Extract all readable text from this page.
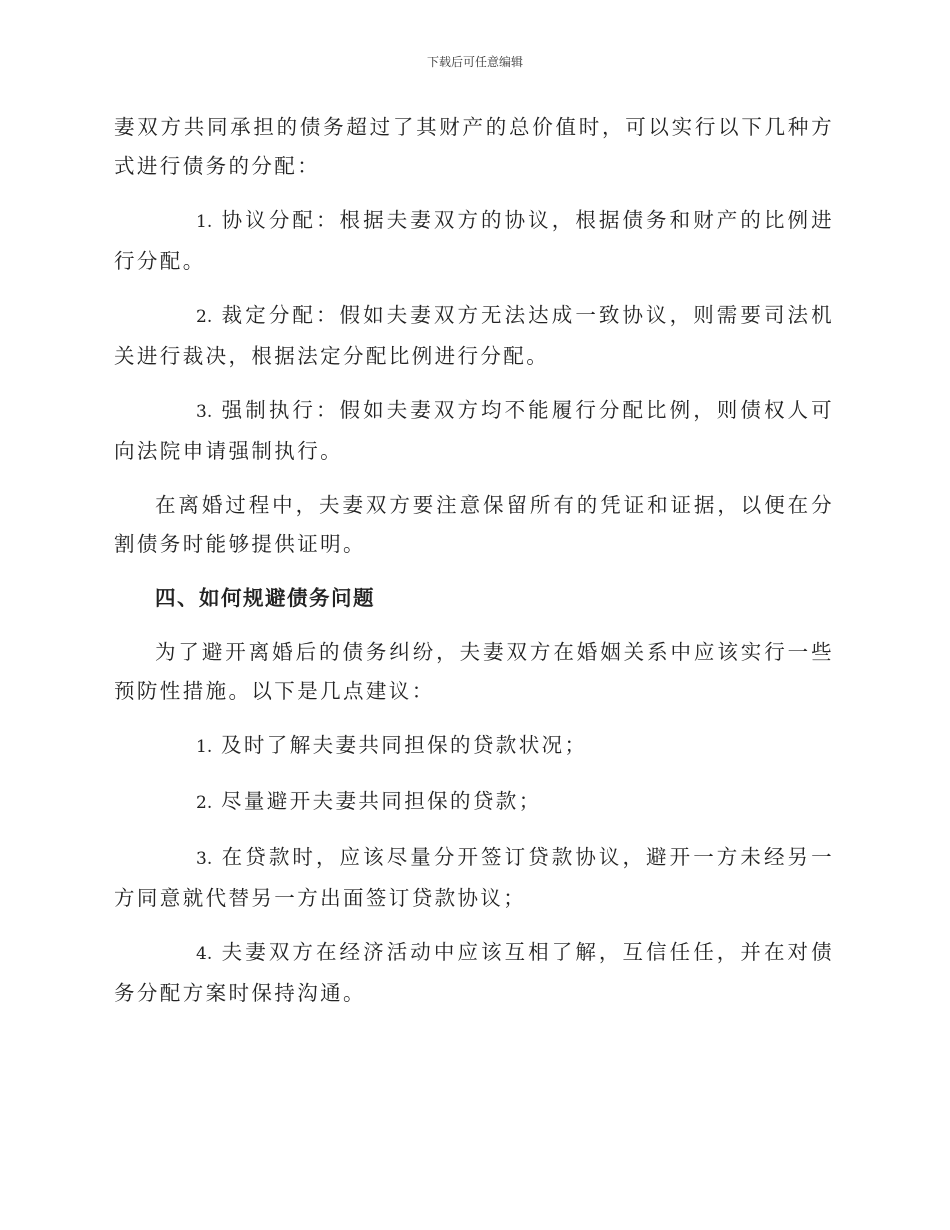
下载后可任意编辑

妻双方共同承担的债务超过了其财产的总价值时，可以实行以下几种方式进行债务的分配：

1. 协议分配：根据夫妻双方的协议，根据债务和财产的比例进行分配。

2. 裁定分配：假如夫妻双方无法达成一致协议，则需要司法机关进行裁决，根据法定分配比例进行分配。

3. 强制执行：假如夫妻双方均不能履行分配比例，则债权人可向法院申请强制执行。

在离婚过程中，夫妻双方要注意保留所有的凭证和证据，以便在分割债务时能够提供证明。

四、如何规避债务问题

为了避开离婚后的债务纠纷，夫妻双方在婚姻关系中应该实行一些预防性措施。以下是几点建议：

1. 及时了解夫妻共同担保的贷款状况；

2. 尽量避开夫妻共同担保的贷款；

3. 在贷款时，应该尽量分开签订贷款协议，避开一方未经另一方同意就代替另一方出面签订贷款协议；

4. 夫妻双方在经济活动中应该互相了解，互信任任，并在对债务分配方案时保持沟通。
